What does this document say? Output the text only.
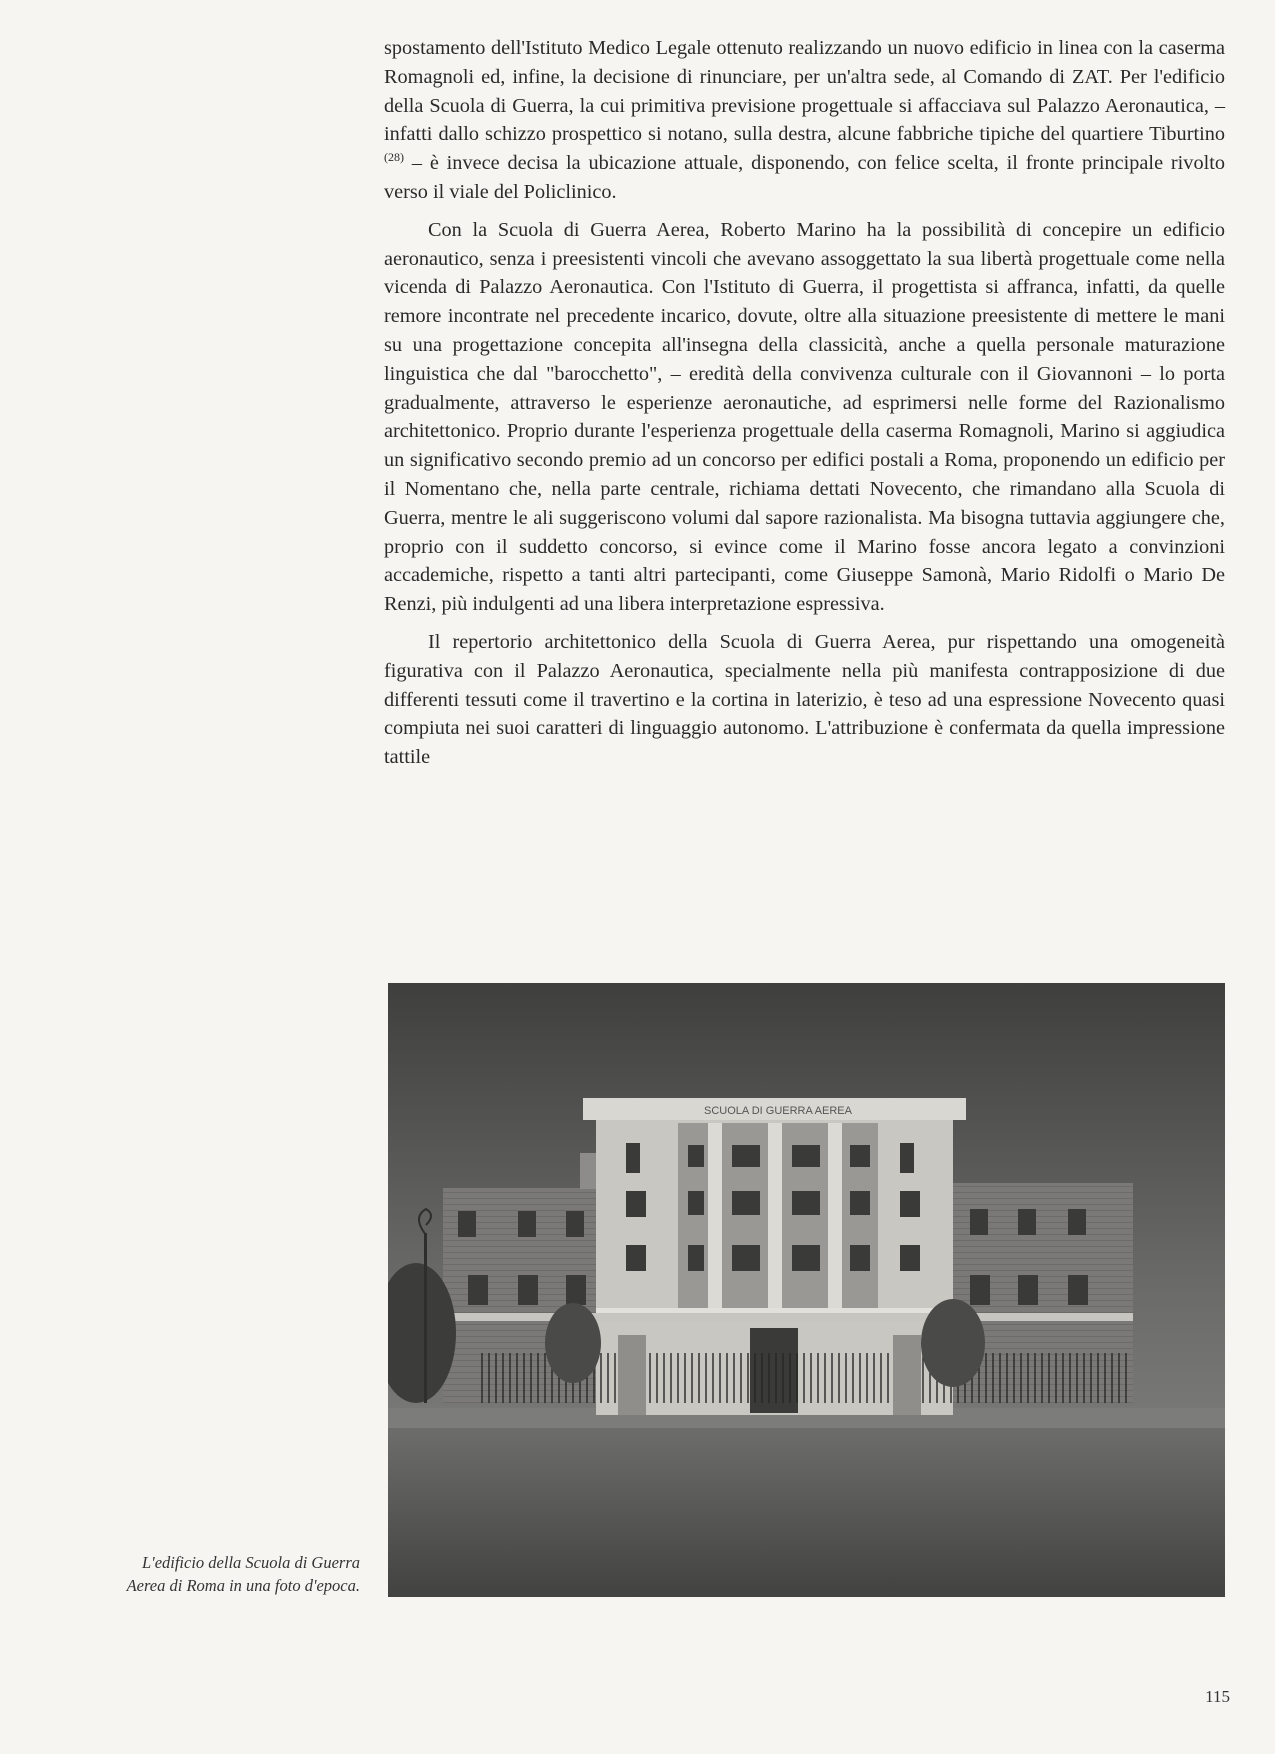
spostamento dell'Istituto Medico Legale ottenuto realizzando un nuovo edificio in linea con la caserma Romagnoli ed, infine, la decisione di rinunciare, per un'altra sede, al Comando di ZAT. Per l'edificio della Scuola di Guerra, la cui primitiva previsione progettuale si affacciava sul Palazzo Aeronautica, – infatti dallo schizzo prospettico si notano, sulla destra, alcune fabbriche tipiche del quartiere Tiburtino $^{(28)}$ – è invece decisa la ubicazione attuale, disponendo, con felice scelta, il fronte principale rivolto verso il viale del Policlinico.

Con la Scuola di Guerra Aerea, Roberto Marino ha la possibilità di concepire un edificio aeronautico, senza i preesistenti vincoli che avevano assoggettato la sua libertà progettuale come nella vicenda di Palazzo Aeronautica. Con l'Istituto di Guerra, il progettista si affranca, infatti, da quelle remore incontrate nel precedente incarico, dovute, oltre alla situazione preesistente di mettere le mani su una progettazione concepita all'insegna della classicità, anche a quella personale maturazione linguistica che dal "barocchetto", – eredità della convivenza culturale con il Giovannoni – lo porta gradualmente, attraverso le esperienze aeronautiche, ad esprimersi nelle forme del Razionalismo architettonico. Proprio durante l'esperienza progettuale della caserma Romagnoli, Marino si aggiudica un significativo secondo premio ad un concorso per edifici postali a Roma, proponendo un edificio per il Nomentano che, nella parte centrale, richiama dettati Novecento, che rimandano alla Scuola di Guerra, mentre le ali suggeriscono volumi dal sapore razionalista. Ma bisogna tuttavia aggiungere che, proprio con il suddetto concorso, si evince come il Marino fosse ancora legato a convinzioni accademiche, rispetto a tanti altri partecipanti, come Giuseppe Samonà, Mario Ridolfi o Mario De Renzi, più indulgenti ad una libera interpretazione espressiva.

Il repertorio architettonico della Scuola di Guerra Aerea, pur rispettando una omogeneità figurativa con il Palazzo Aeronautica, specialmente nella più manifesta contrapposizione di due differenti tessuti come il travertino e la cortina in laterizio, è teso ad una espressione Novecento quasi compiuta nei suoi caratteri di linguaggio autonomo. L'attribuzione è confermata da quella impressione tattile

SCUOLA DI GUERRA AEREA
L'edificio della Scuola di Guerra
Aerea di Roma in una foto d'epoca.
115
